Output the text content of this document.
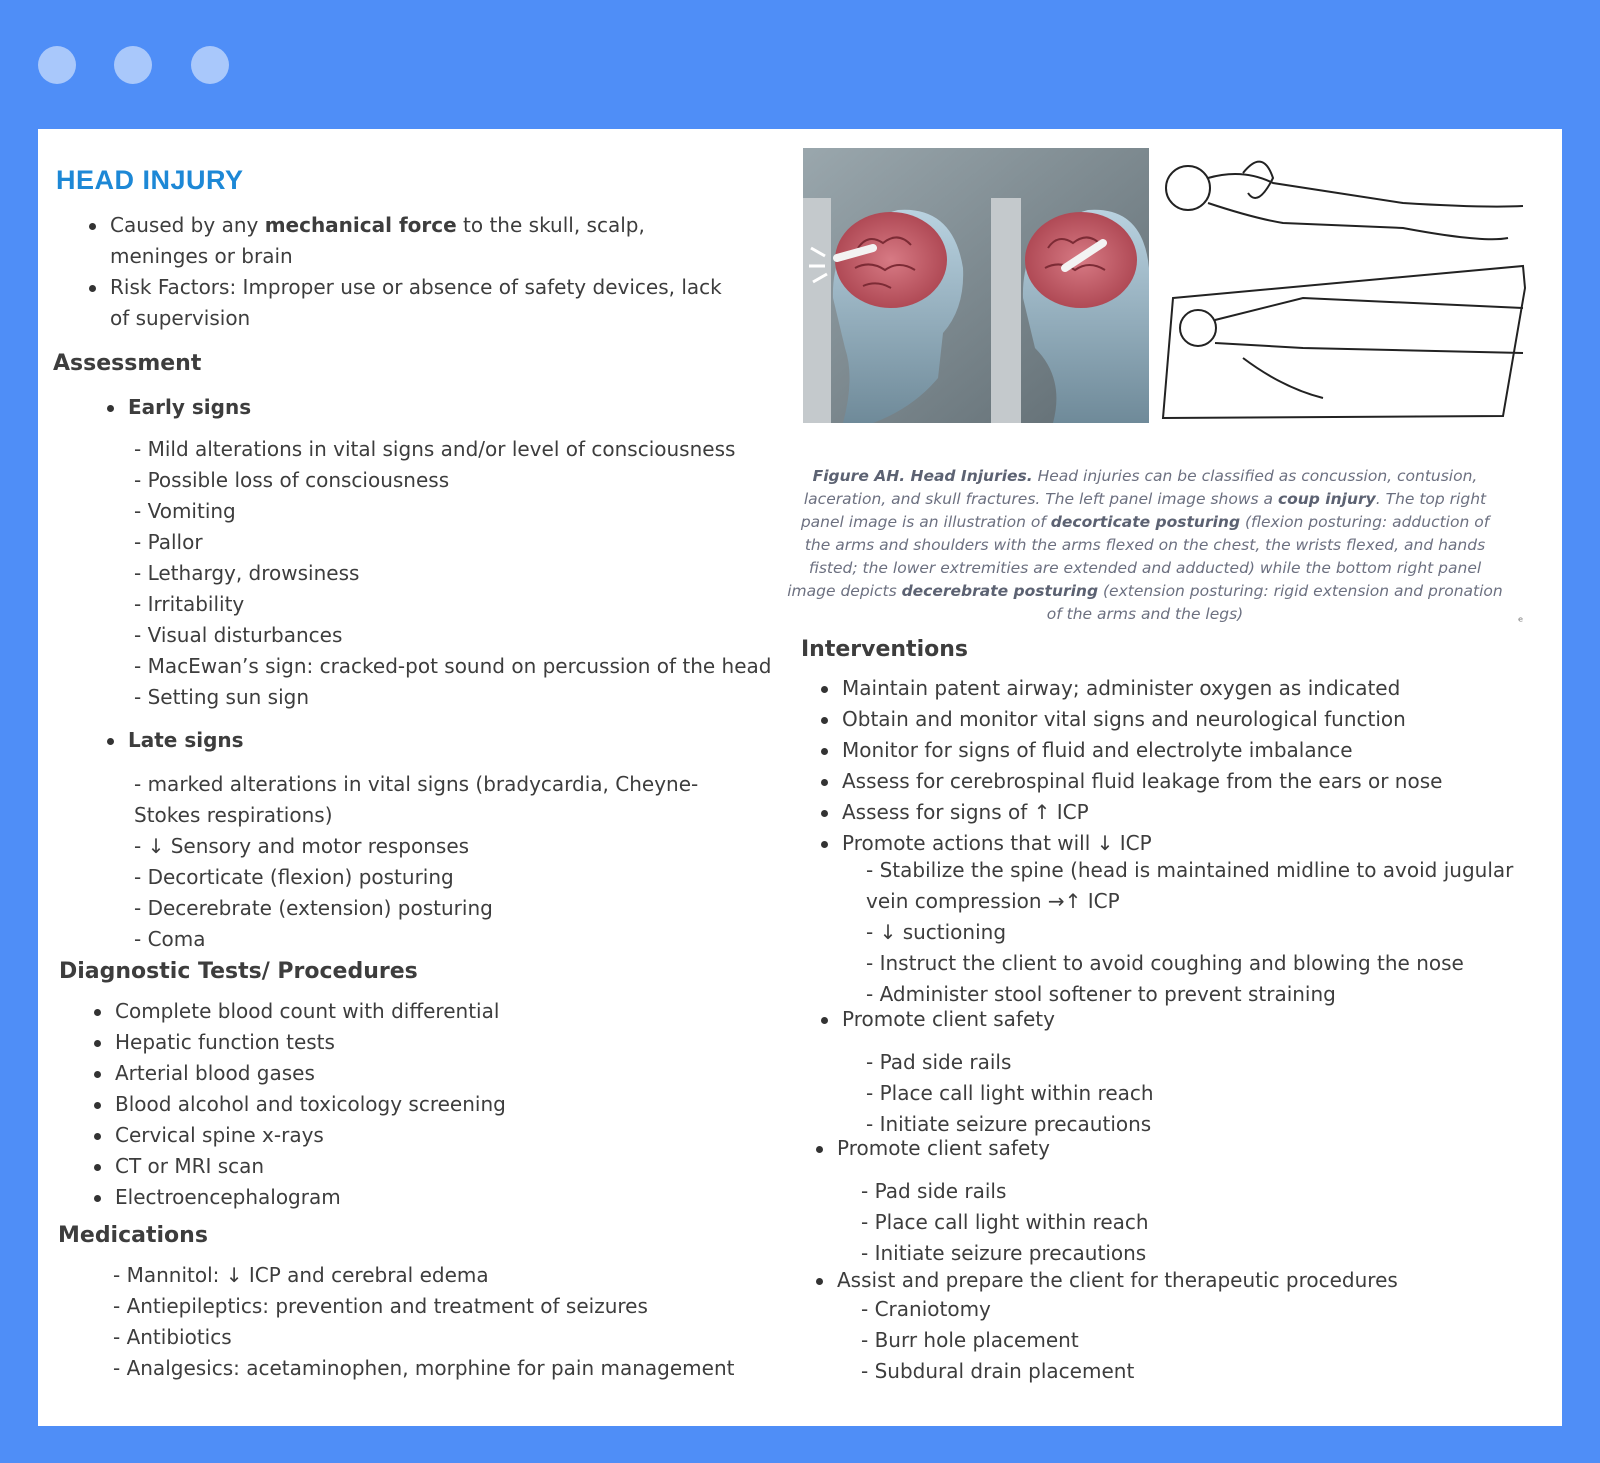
HEAD INJURY
Caused by any mechanical force to the skull, scalp, meninges or brain
Risk Factors: Improper use or absence of safety devices, lack of supervision
Assessment
Early signs
- Mild alterations in vital signs and/or level of consciousness
- Possible loss of consciousness
- Vomiting
- Pallor
- Lethargy, drowsiness
- Irritability
- Visual disturbances
- MacEwan’s sign: cracked-pot sound on percussion of the head
- Setting sun sign
Late signs
- marked alterations in vital signs (bradycardia, Cheyne-Stokes respirations)
- ↓ Sensory and motor responses
- Decorticate (flexion) posturing
- Decerebrate (extension) posturing
- Coma
Diagnostic Tests/ Procedures
Complete blood count with differential
Hepatic function tests
Arterial blood gases
Blood alcohol and toxicology screening
Cervical spine x-rays
CT or MRI scan
Electroencephalogram
Medications
- Mannitol: ↓ ICP and cerebral edema
- Antiepileptics: prevention and treatment of seizures
- Antibiotics
- Analgesics: acetaminophen, morphine for pain management
Figure AH. Head Injuries. Head injuries can be classified as concussion, contusion, laceration, and skull fractures. The left panel image shows a coup injury. The top right panel image is an illustration of decorticate posturing (flexion posturing: adduction of the arms and shoulders with the arms flexed on the chest, the wrists flexed, and hands fisted; the lower extremities are extended and adducted) while the bottom right panel image depicts decerebrate posturing (extension posturing: rigid extension and pronation of the arms and the legs)	ᵉ
Interventions
Maintain patent airway; administer oxygen as indicated
Obtain and monitor vital signs and neurological function
Monitor for signs of fluid and electrolyte imbalance
Assess for cerebrospinal fluid leakage from the ears or nose
Assess for signs of ↑ ICP
Promote actions that will ↓ ICP
- Stabilize the spine (head is maintained midline to avoid jugular vein compression →↑ ICP
- ↓ suctioning
- Instruct the client to avoid coughing and blowing the nose
- Administer stool softener to prevent straining
Promote client safety
- Pad side rails
- Place call light within reach
- Initiate seizure precautions
Promote client safety
- Pad side rails
- Place call light within reach
- Initiate seizure precautions
Assist and prepare the client for therapeutic procedures
- Craniotomy
- Burr hole placement
- Subdural drain placement
